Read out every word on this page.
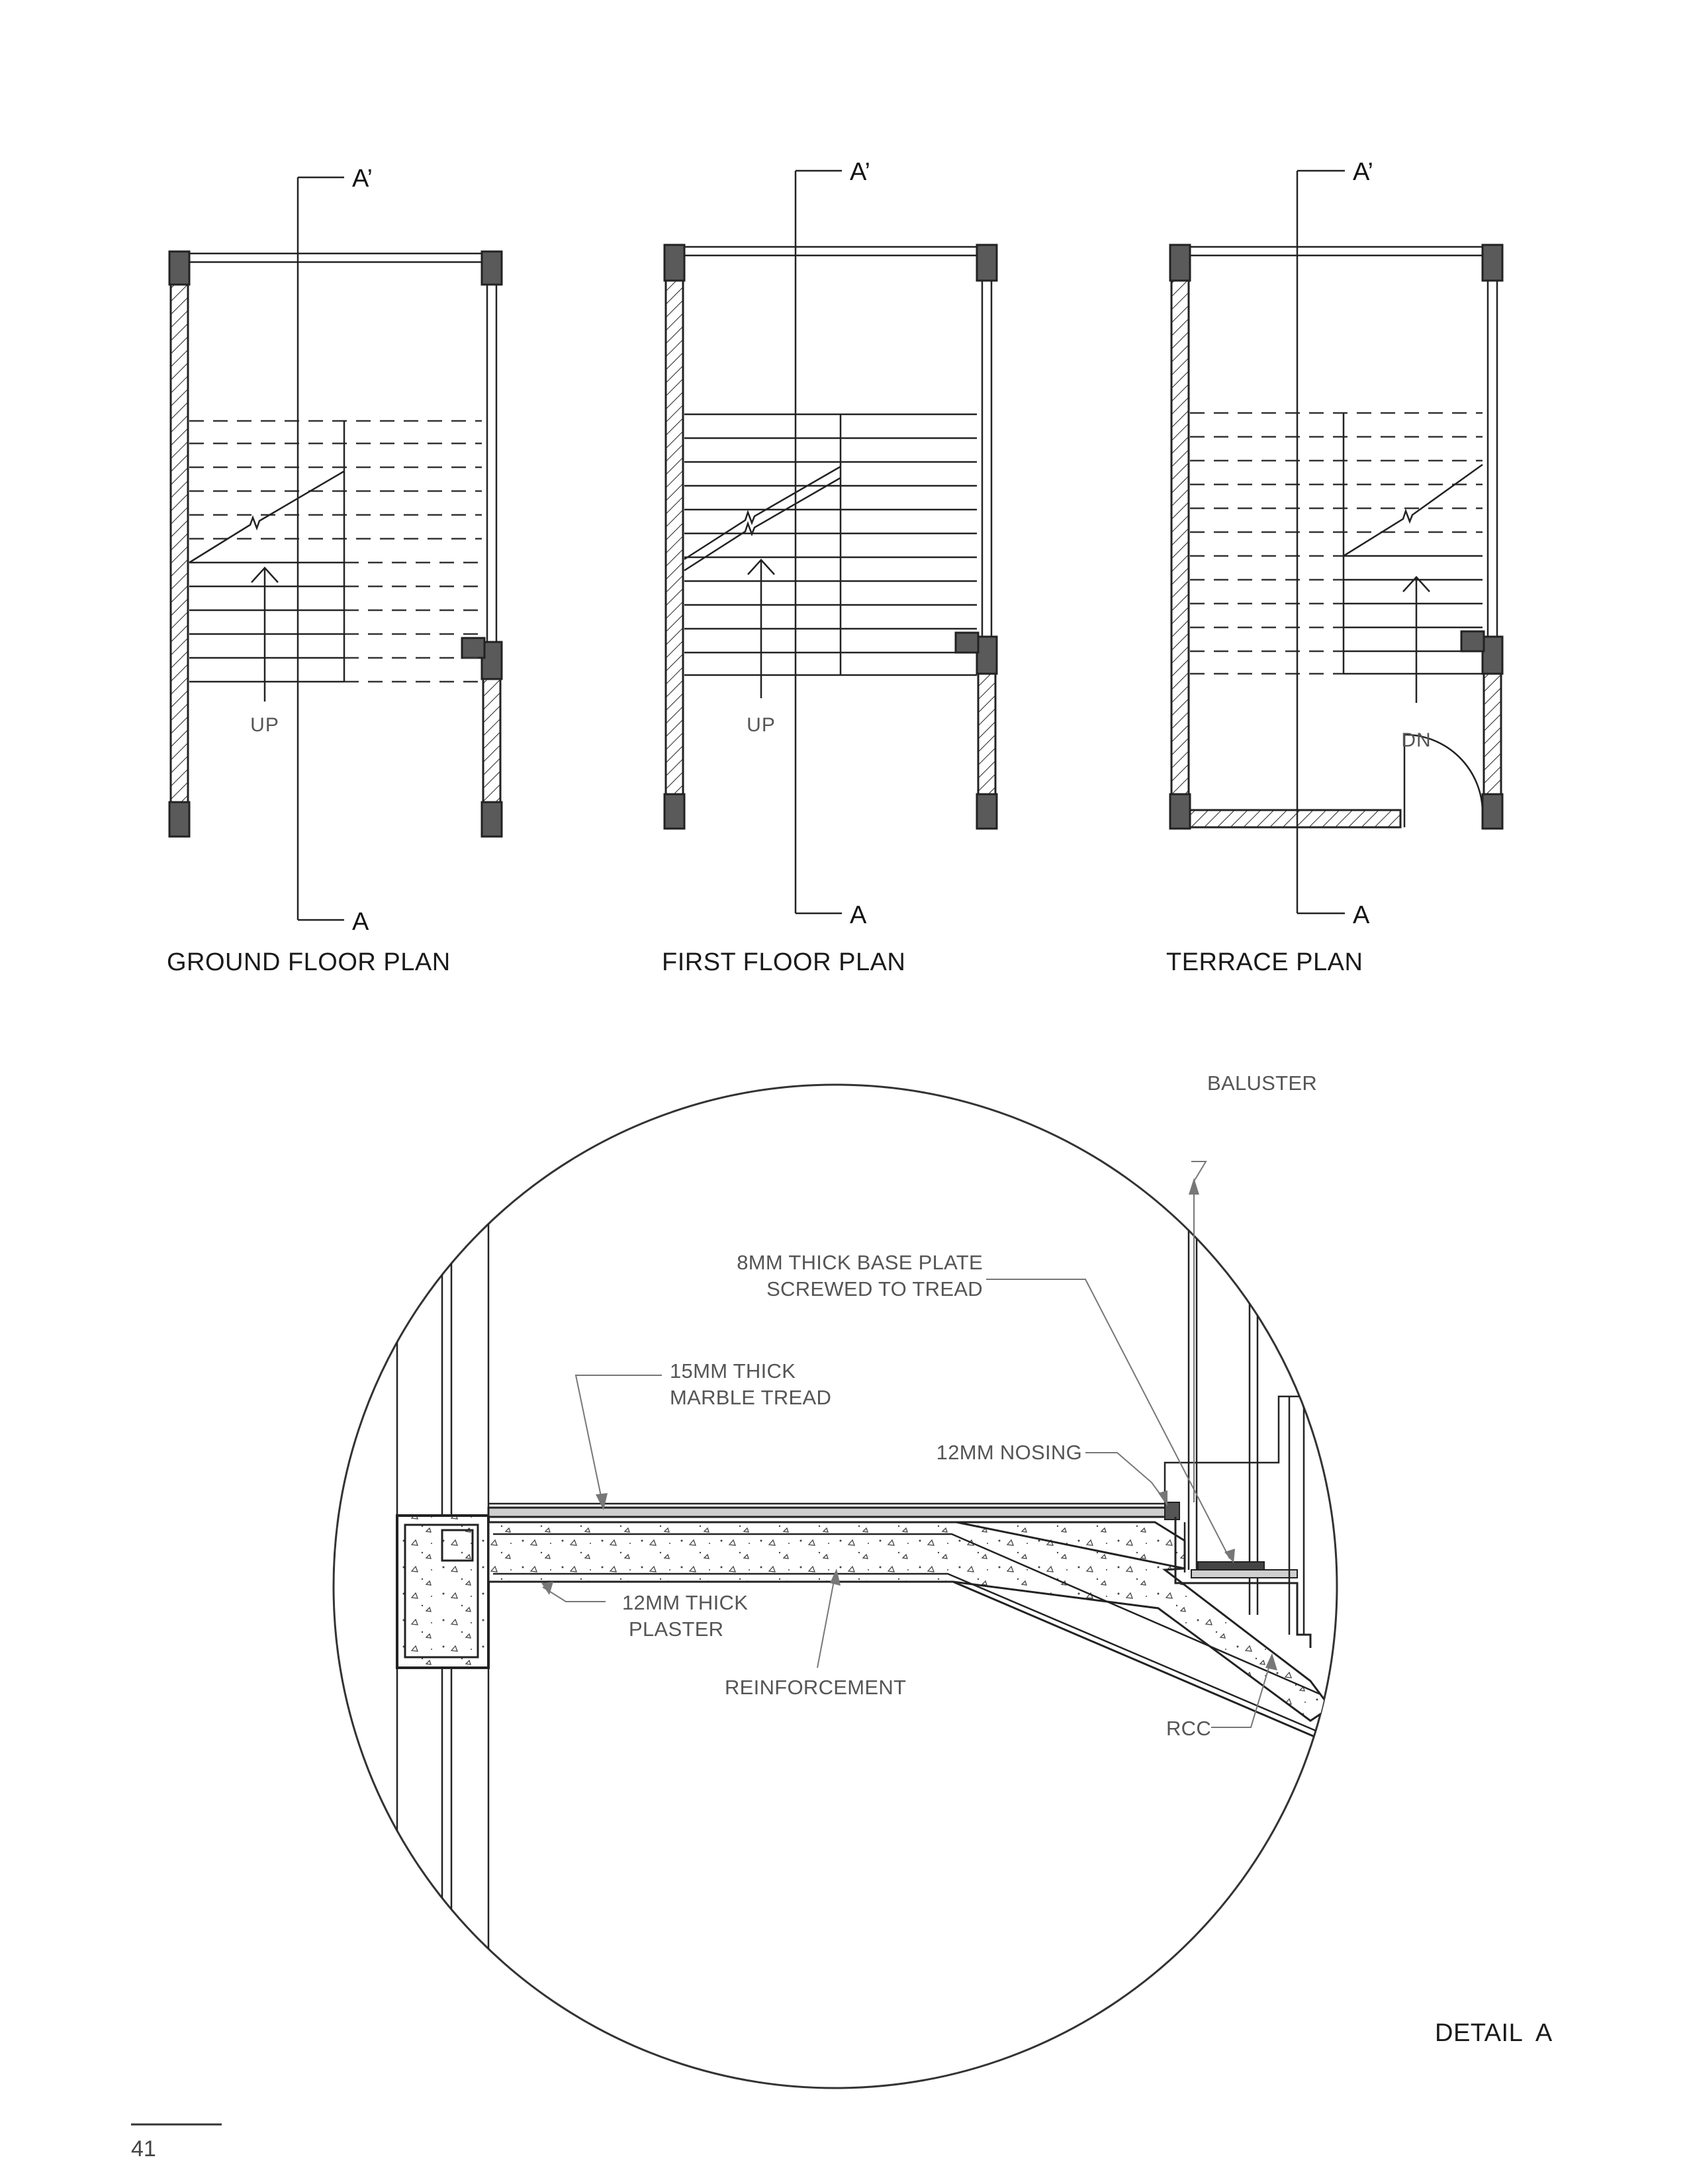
UP
A’
A
GROUND FLOOR PLAN
UP
A’
A
FIRST FLOOR PLAN
DN
A’
A
TERRACE PLAN
BALUSTER
8MM THICK BASE PLATE
SCREWED TO TREAD
15MM THICK
MARBLE TREAD
12MM NOSING
12MM THICK
PLASTER
REINFORCEMENT
RCC
DETAIL  A
41
